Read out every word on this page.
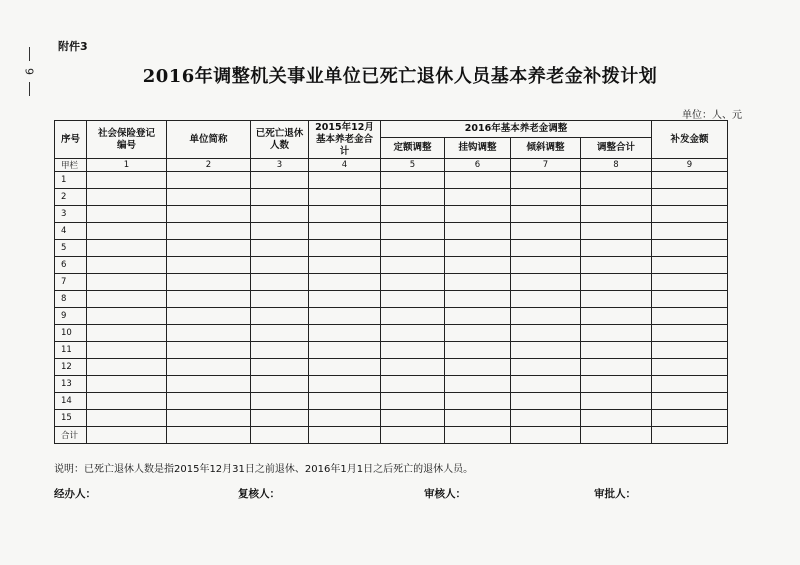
9
附件3
2016年调整机关事业单位已死亡退休人员基本养老金补拨计划
单位：人、元
序号	社会保险登记编号	单位简称	已死亡退休人数	2015年12月基本养老金合计	2016年基本养老金调整				补发金额
					定额调整	挂钩调整	倾斜调整	调整合计	
甲栏	1	2	3	4	5	6	7	8	9
1									
2									
3									
4									
5									
6									
7									
8									
9									
10									
11									
12									
13									
14									
15									
合计									
说明：已死亡退休人数是指2015年12月31日之前退休、2016年1月1日之后死亡的退休人员。
经办人：	复核人：	审核人：	审批人：
